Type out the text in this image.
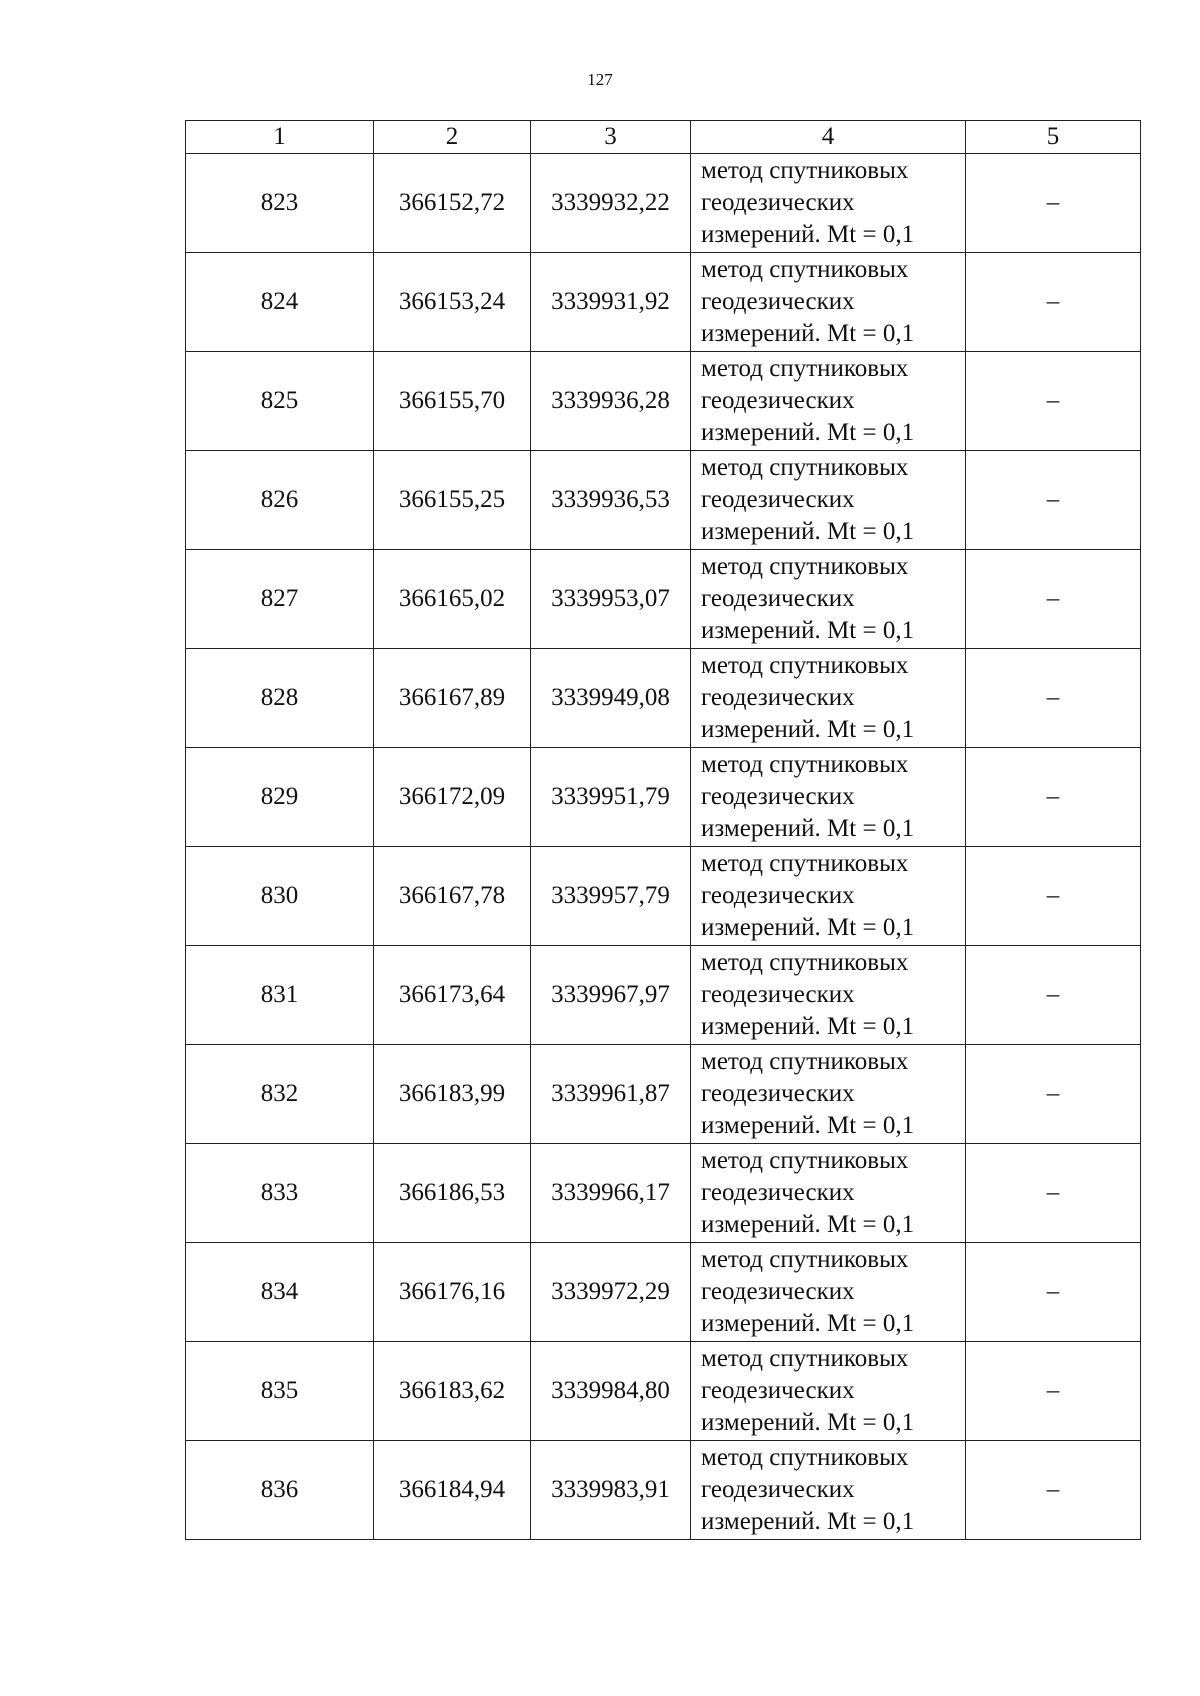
127
1	2	3	4	5
823	366152,72	3339932,22	метод спутниковых
геодезических
измерений. Mt = 0,1	–
824	366153,24	3339931,92	метод спутниковых
геодезических
измерений. Mt = 0,1	–
825	366155,70	3339936,28	метод спутниковых
геодезических
измерений. Mt = 0,1	–
826	366155,25	3339936,53	метод спутниковых
геодезических
измерений. Mt = 0,1	–
827	366165,02	3339953,07	метод спутниковых
геодезических
измерений. Mt = 0,1	–
828	366167,89	3339949,08	метод спутниковых
геодезических
измерений. Mt = 0,1	–
829	366172,09	3339951,79	метод спутниковых
геодезических
измерений. Mt = 0,1	–
830	366167,78	3339957,79	метод спутниковых
геодезических
измерений. Mt = 0,1	–
831	366173,64	3339967,97	метод спутниковых
геодезических
измерений. Mt = 0,1	–
832	366183,99	3339961,87	метод спутниковых
геодезических
измерений. Mt = 0,1	–
833	366186,53	3339966,17	метод спутниковых
геодезических
измерений. Mt = 0,1	–
834	366176,16	3339972,29	метод спутниковых
геодезических
измерений. Mt = 0,1	–
835	366183,62	3339984,80	метод спутниковых
геодезических
измерений. Mt = 0,1	–
836	366184,94	3339983,91	метод спутниковых
геодезических
измерений. Mt = 0,1	–
